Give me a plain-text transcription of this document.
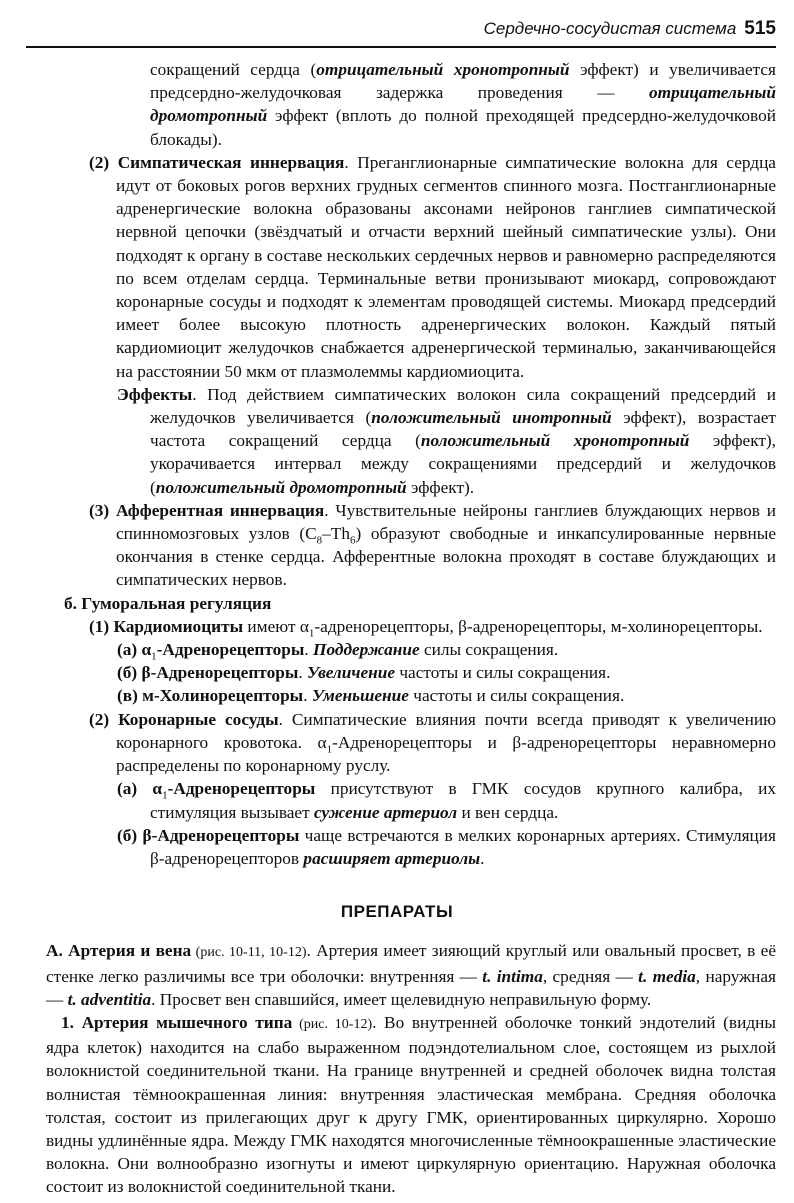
Сердечно-сосудистая система 515

сокращений сердца (отрицательный хронотропный эффект) и увеличивается предсердно-желудочковая задержка проведения — отрицательный дромотропный эффект (вплоть до полной преходящей предсердно-желудочковой блокады).

(2) Симпатическая иннервация. Преганглионарные симпатические волокна для сердца идут от боковых рогов верхних грудных сегментов спинного мозга. Постганглионарные адренергические волокна образованы аксонами нейронов ганглиев симпатической нервной цепочки (звёздчатый и отчасти верхний шейный симпатические узлы). Они подходят к органу в составе нескольких сердечных нервов и равномерно распределяются по всем отделам сердца. Терминальные ветви пронизывают миокард, сопровождают коронарные сосуды и подходят к элементам проводящей системы. Миокард предсердий имеет более высокую плотность адренергических волокон. Каждый пятый кардиомиоцит желудочков снабжается адренергической терминалью, заканчивающейся на расстоянии 50 мкм от плазмолеммы кардиомиоцита.

Эффекты. Под действием симпатических волокон сила сокращений предсердий и желудочков увеличивается (положительный инотропный эффект), возрастает частота сокращений сердца (положительный хронотропный эффект), укорачивается интервал между сокращениями предсердий и желудочков (положительный дромотропный эффект).

(3) Афферентная иннервация. Чувствительные нейроны ганглиев блуждающих нервов и спинномозговых узлов $(C_8-Th_6)$ образуют свободные и инкапсулированные нервные окончания в стенке сердца. Афферентные волокна проходят в составе блуждающих и симпатических нервов.

б. Гуморальная регуляция

(1) Кардиомиоциты имеют $\alpha_1$-адренорецепторы, β-адренорецепторы, м-холинорецепторы.

(а) $\alpha_1$-Адренорецепторы. Поддержание силы сокращения.

(б) β-Адренорецепторы. Увеличение частоты и силы сокращения.

(в) м-Холинорецепторы. Уменьшение частоты и силы сокращения.

(2) Коронарные сосуды. Симпатические влияния почти всегда приводят к увеличению коронарного кровотока. $\alpha_1$-Адренорецепторы и β-адренорецепторы неравномерно распределены по коронарному руслу.

(а) $\alpha_1$-Адренорецепторы присутствуют в ГМК сосудов крупного калибра, их стимуляция вызывает сужение артериол и вен сердца.

(б) β-Адренорецепторы чаще встречаются в мелких коронарных артериях. Стимуляция β-адренорецепторов расширяет артериолы.

ПРЕПАРАТЫ

А. Артерия и вена (рис. 10-11, 10-12). Артерия имеет зияющий круглый или овальный просвет, в её стенке легко различимы все три оболочки: внутренняя — t. intima, средняя — t. media, наружная — t. adventitia. Просвет вен спавшийся, имеет щелевидную неправильную форму.

1. Артерия мышечного типа (рис. 10-12). Во внутренней оболочке тонкий эндотелий (видны ядра клеток) находится на слабо выраженном подэндотелиальном слое, состоящем из рыхлой волокнистой соединительной ткани. На границе внутренней и средней оболочек видна толстая волнистая тёмноокрашенная линия: внутренняя эластическая мембрана. Средняя оболочка толстая, состоит из прилегающих друг к другу ГМК, ориентированных циркулярно. Хорошо видны удлинённые ядра. Между ГМК находятся многочисленные тёмноокрашенные эластические волокна. Они волнообразно изогнуты и имеют циркулярную ориентацию. Наружная оболочка состоит из волокнистой соединительной ткани.
